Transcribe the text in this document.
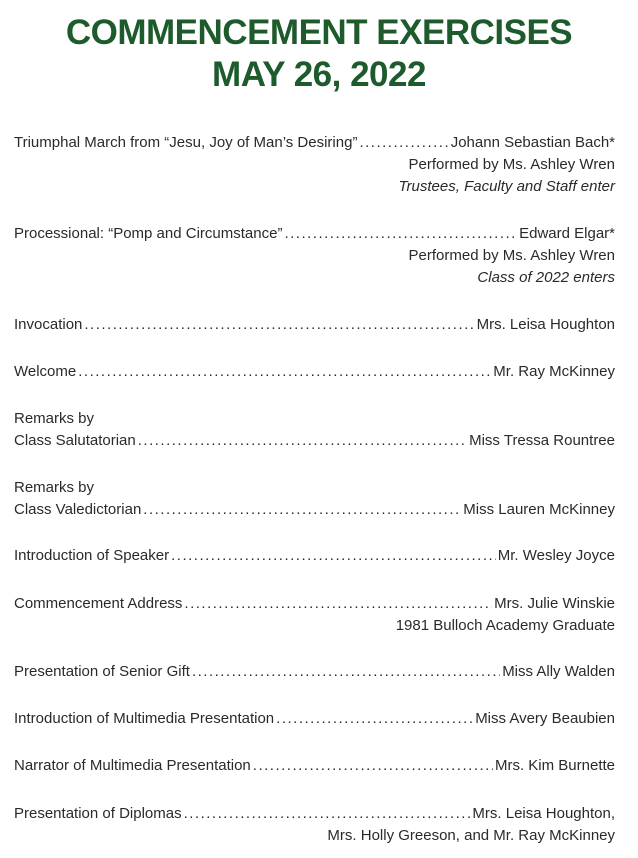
COMMENCEMENT EXERCISES
MAY 26, 2022
Triumphal March from “Jesu, Joy of Man’s Desiring” .....	Johann Sebastian Bach*
Performed by Ms. Ashley Wren
Trustees, Faculty and Staff enter
Processional: “Pomp and Circumstance” .....	Edward Elgar*
Performed by Ms. Ashley Wren
Class of 2022 enters
Invocation .....	Mrs. Leisa Houghton
Welcome .....	Mr. Ray McKinney
Remarks by
Class Salutatorian .....	Miss Tressa Rountree
Remarks by
Class Valedictorian .....	Miss Lauren McKinney
Introduction of Speaker .....	Mr. Wesley Joyce
Commencement Address .....	Mrs. Julie Winskie
1981 Bulloch Academy Graduate
Presentation of Senior Gift .....	Miss Ally Walden
Introduction of Multimedia Presentation .....	Miss Avery Beaubien
Narrator of Multimedia Presentation .....	Mrs. Kim Burnette
Presentation of Diplomas .....	Mrs. Leisa Houghton,
Mrs. Holly Greeson, and Mr. Ray McKinney
